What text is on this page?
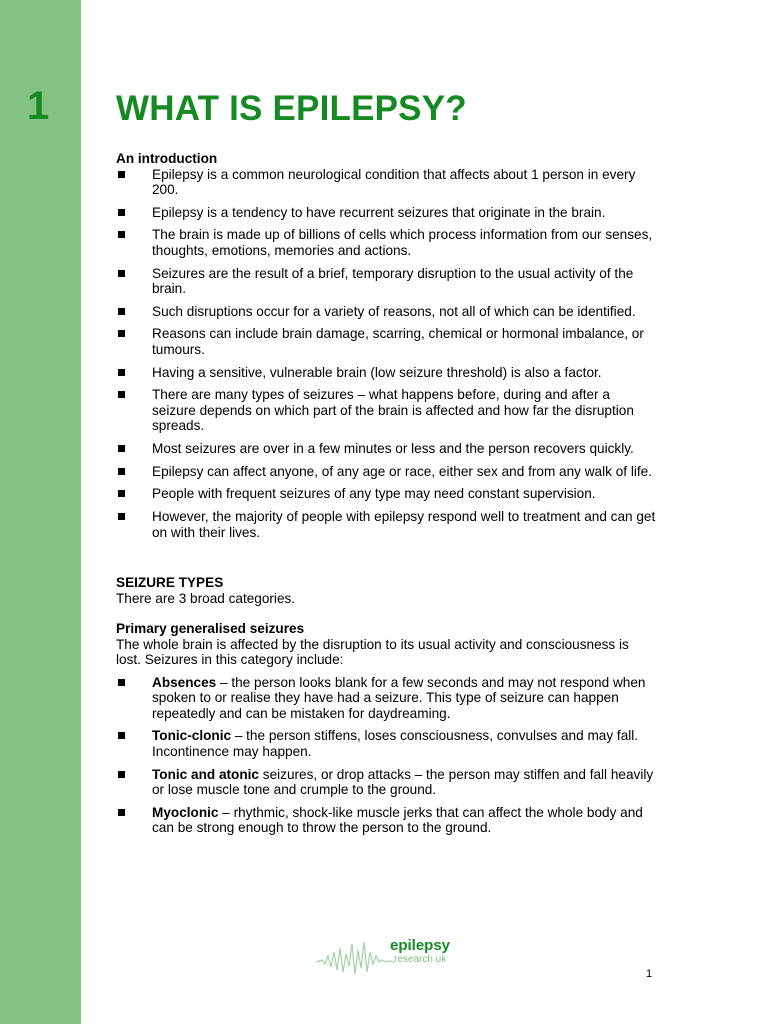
1 WHAT IS EPILEPSY?

An introduction

Epilepsy is a common neurological condition that affects about 1 person in every 200.
Epilepsy is a tendency to have recurrent seizures that originate in the brain.
The brain is made up of billions of cells which process information from our senses, thoughts, emotions, memories and actions.
Seizures are the result of a brief, temporary disruption to the usual activity of the brain.
Such disruptions occur for a variety of reasons, not all of which can be identified.
Reasons can include brain damage, scarring, chemical or hormonal imbalance, or tumours.
Having a sensitive, vulnerable brain (low seizure threshold) is also a factor.
There are many types of seizures – what happens before, during and after a seizure depends on which part of the brain is affected and how far the disruption spreads.
Most seizures are over in a few minutes or less and the person recovers quickly.
Epilepsy can affect anyone, of any age or race, either sex and from any walk of life.
People with frequent seizures of any type may need constant supervision.
However, the majority of people with epilepsy respond well to treatment and can get on with their lives.

SEIZURE TYPES

There are 3 broad categories.

Primary generalised seizures

The whole brain is affected by the disruption to its usual activity and consciousness is lost. Seizures in this category include:

Absences – the person looks blank for a few seconds and may not respond when spoken to or realise they have had a seizure. This type of seizure can happen repeatedly and can be mistaken for daydreaming.
Tonic-clonic – the person stiffens, loses consciousness, convulses and may fall. Incontinence may happen.
Tonic and atonic seizures, or drop attacks – the person may stiffen and fall heavily or lose muscle tone and crumple to the ground.
Myoclonic – rhythmic, shock-like muscle jerks that can affect the whole body and can be strong enough to throw the person to the ground.
epilepsy
research uk
1
